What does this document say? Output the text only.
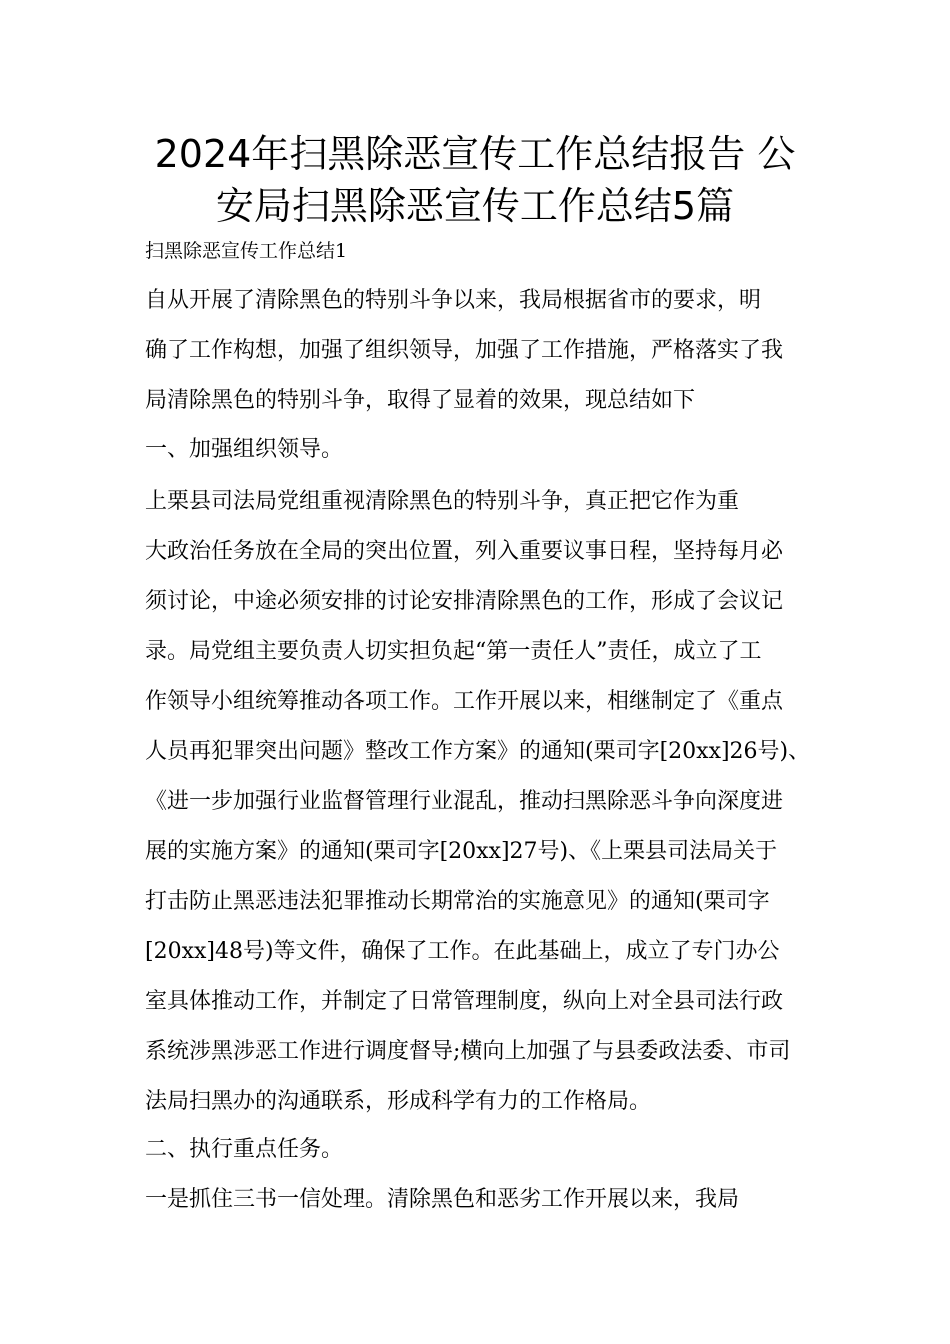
2024年扫黑除恶宣传工作总结报告 公
安局扫黑除恶宣传工作总结5篇

扫黑除恶宣传工作总结1

自从开展了清除黑色的特别斗争以来，我局根据省市的要求，明

确了工作构想，加强了组织领导，加强了工作措施，严格落实了我

局清除黑色的特别斗争，取得了显着的效果，现总结如下

一、加强组织领导。

上栗县司法局党组重视清除黑色的特别斗争，真正把它作为重

大政治任务放在全局的突出位置，列入重要议事日程，坚持每月必

须讨论，中途必须安排的讨论安排清除黑色的工作，形成了会议记

录。局党组主要负责人切实担负起“第一责任人”责任，成立了工

作领导小组统筹推动各项工作。工作开展以来，相继制定了《重点

人员再犯罪突出问题》整改工作方案》的通知(栗司字[20xx]26号)、

《进一步加强行业监督管理行业混乱，推动扫黑除恶斗争向深度进

展的实施方案》的通知(栗司字[20xx]27号)、《上栗县司法局关于

打击防止黑恶违法犯罪推动长期常治的实施意见》的通知(栗司字

[20xx]48号)等文件，确保了工作。在此基础上，成立了专门办公

室具体推动工作，并制定了日常管理制度，纵向上对全县司法行政

系统涉黑涉恶工作进行调度督导;横向上加强了与县委政法委、市司

法局扫黑办的沟通联系，形成科学有力的工作格局。

二、执行重点任务。

一是抓住三书一信处理。清除黑色和恶劣工作开展以来，我局
